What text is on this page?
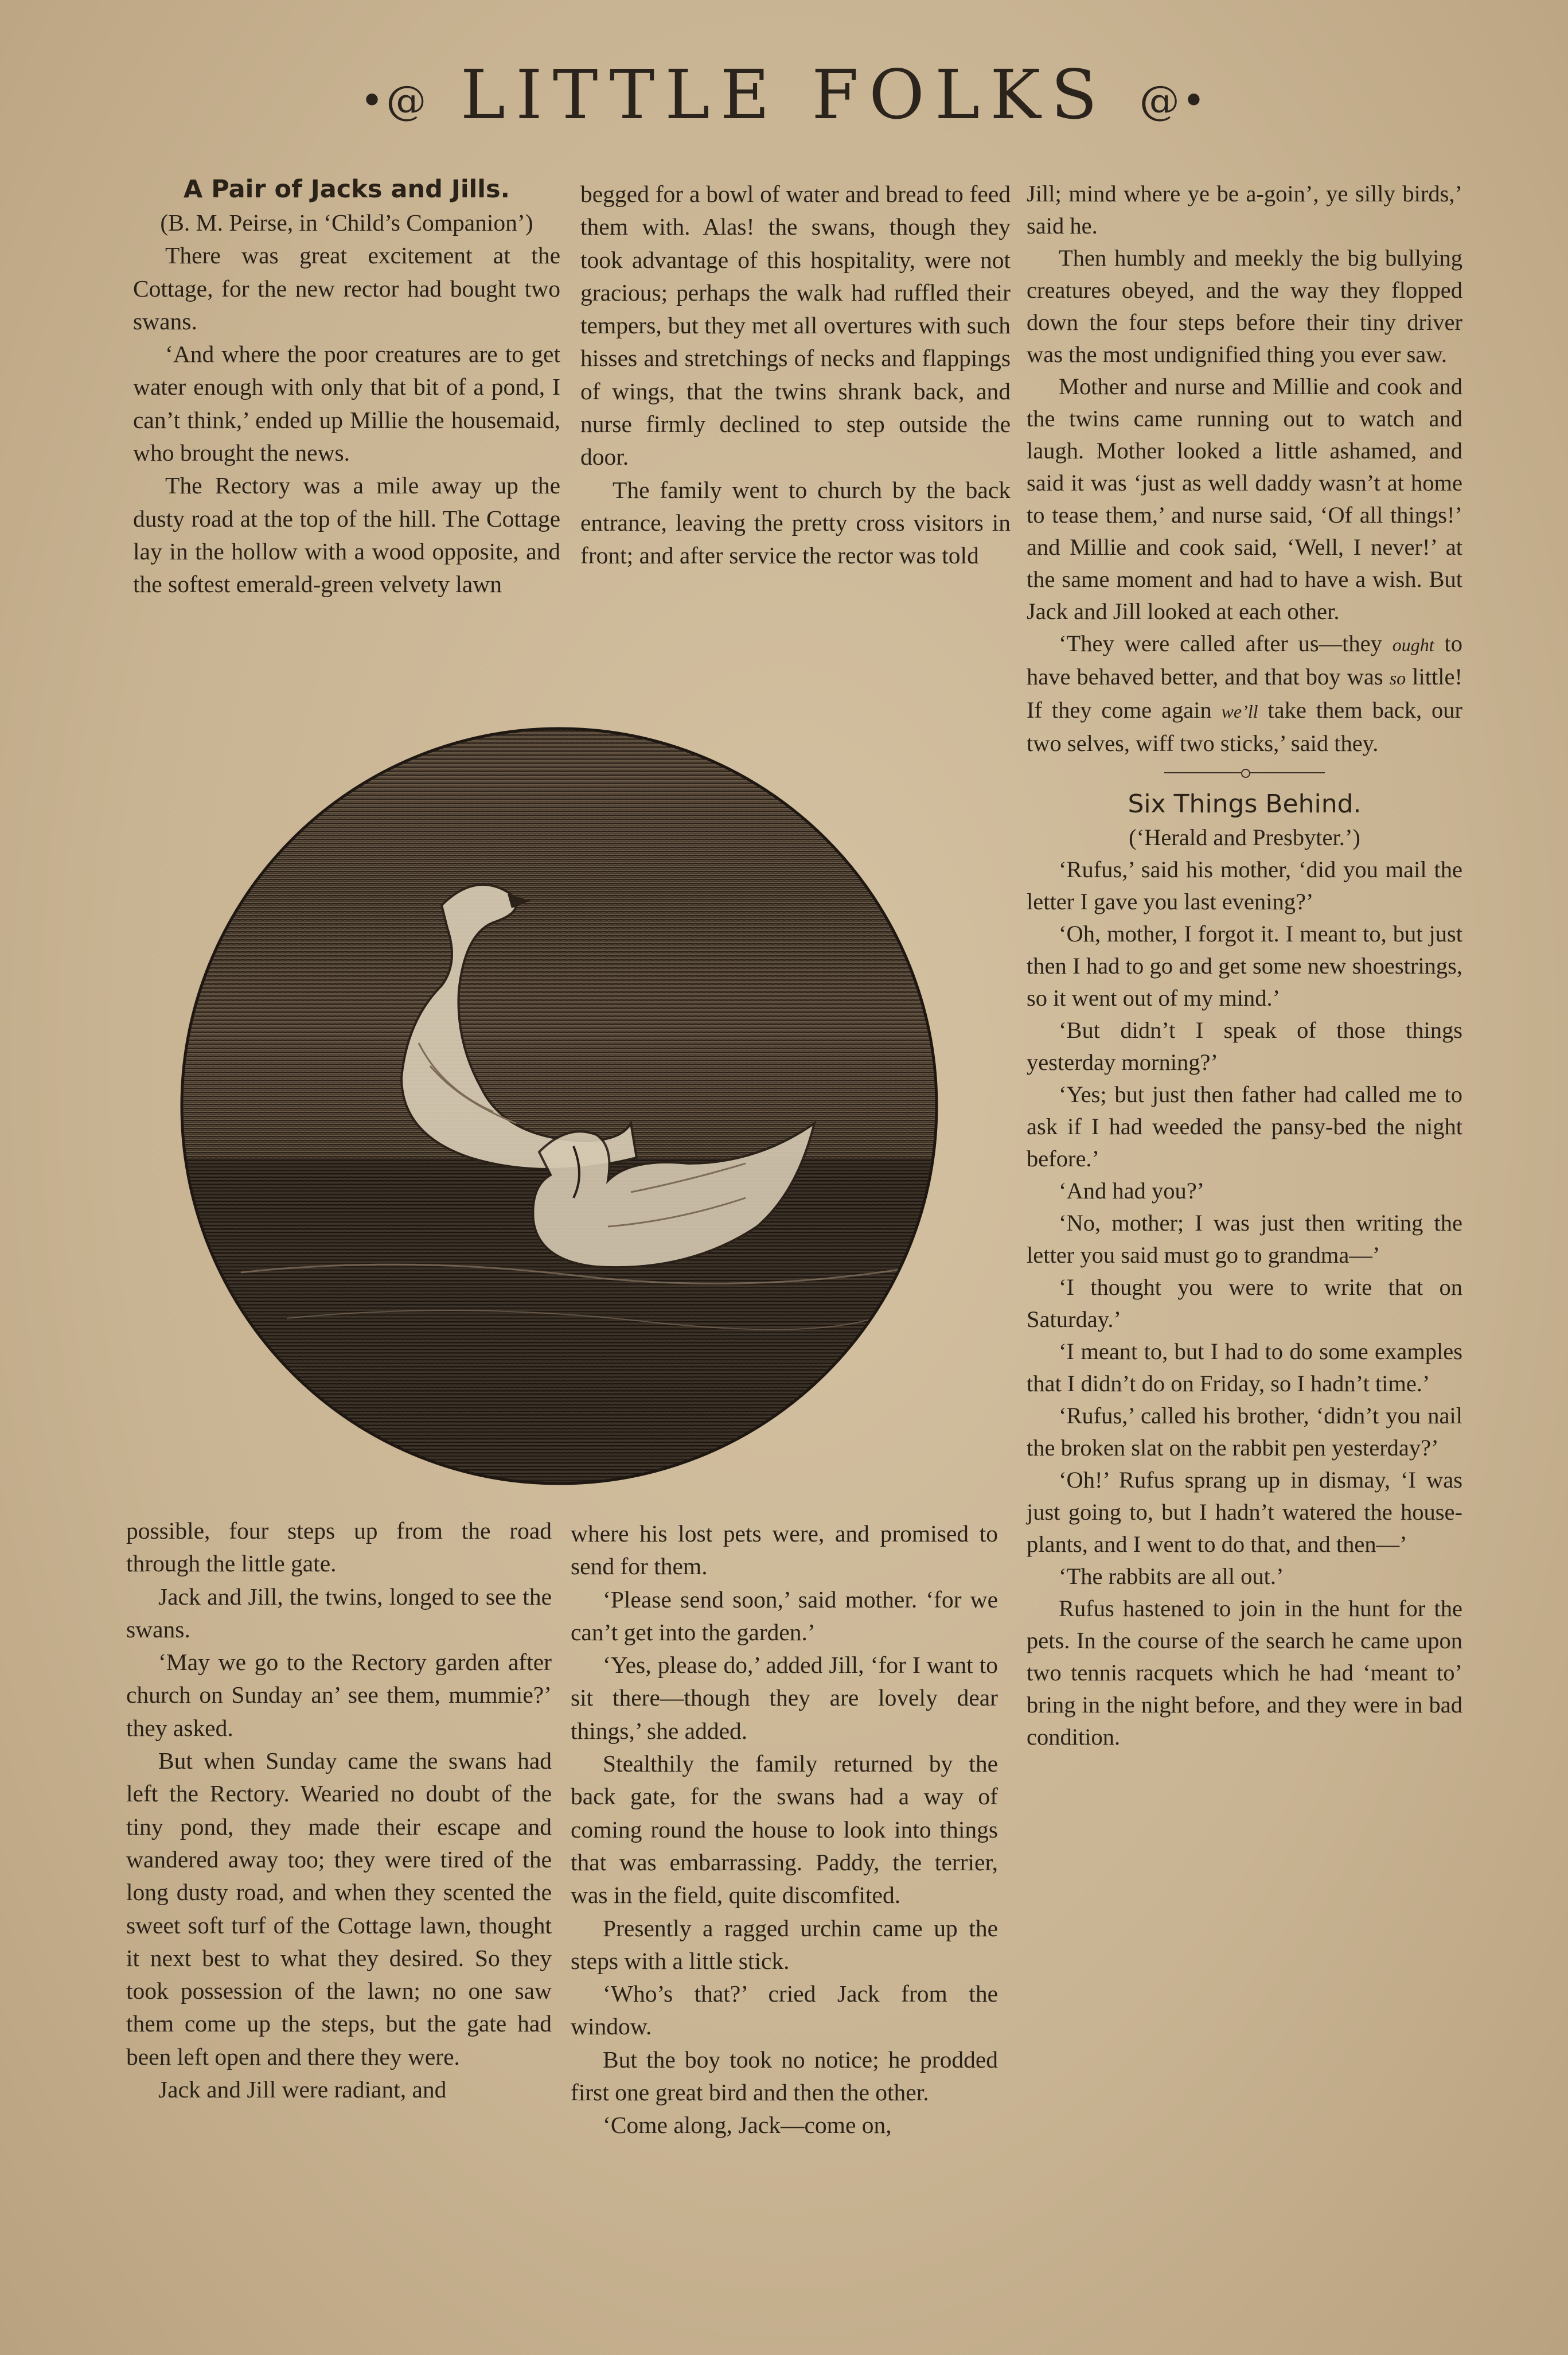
•@ LITTLE FOLKS @•
A Pair of Jacks and Jills.

(B. M. Peirse, in ‘Child’s Companion’)

There was great excitement at the Cottage, for the new rector had bought two swans.

‘And where the poor creatures are to get water enough with only that bit of a pond, I can’t think,’ ended up Millie the housemaid, who brought the news.

The Rectory was a mile away up the dusty road at the top of the hill. The Cottage lay in the hollow with a wood opposite, and the softest emerald-green velvety lawn

begged for a bowl of water and bread to feed them with. Alas! the swans, though they took advantage of this hospitality, were not gracious; perhaps the walk had ruffled their tempers, but they met all overtures with such hisses and stretchings of necks and flappings of wings, that the twins shrank back, and nurse firmly declined to step outside the door.

The family went to church by the back entrance, leaving the pretty cross visitors in front; and after service the rector was told

possible, four steps up from the road through the little gate.

Jack and Jill, the twins, longed to see the swans.

‘May we go to the Rectory garden after church on Sunday an’ see them, mummie?’ they asked.

But when Sunday came the swans had left the Rectory. Wearied no doubt of the tiny pond, they made their escape and wandered away too; they were tired of the long dusty road, and when they scented the sweet soft turf of the Cottage lawn, thought it next best to what they desired. So they took possession of the lawn; no one saw them come up the steps, but the gate had been left open and there they were.

Jack and Jill were radiant, and

where his lost pets were, and promised to send for them.

‘Please send soon,’ said mother. ‘for we can’t get into the garden.’

‘Yes, please do,’ added Jill, ‘for I want to sit there—though they are lovely dear things,’ she added.

Stealthily the family returned by the back gate, for the swans had a way of coming round the house to look into things that was embarrassing. Paddy, the terrier, was in the field, quite discomfited.

Presently a ragged urchin came up the steps with a little stick.

‘Who’s that?’ cried Jack from the window.

But the boy took no notice; he prodded first one great bird and then the other.

‘Come along, Jack—come on,

Jill; mind where ye be a-goin’, ye silly birds,’ said he.

Then humbly and meekly the big bullying creatures obeyed, and the way they flopped down the four steps before their tiny driver was the most undignified thing you ever saw.

Mother and nurse and Millie and cook and the twins came running out to watch and laugh. Mother looked a little ashamed, and said it was ‘just as well daddy wasn’t at home to tease them,’ and nurse said, ‘Of all things!’ and Millie and cook said, ‘Well, I never!’ at the same moment and had to have a wish. But Jack and Jill looked at each other.

‘They were called after us—they ought to have behaved better, and that boy was so little! If they come again we’ll take them back, our two selves, wiff two sticks,’ said they.

Six Things Behind.

(‘Herald and Presbyter.’)

‘Rufus,’ said his mother, ‘did you mail the letter I gave you last evening?’

‘Oh, mother, I forgot it. I meant to, but just then I had to go and get some new shoestrings, so it went out of my mind.’

‘But didn’t I speak of those things yesterday morning?’

‘Yes; but just then father had called me to ask if I had weeded the pansy-bed the night before.’

‘And had you?’

‘No, mother; I was just then writing the letter you said must go to grandma—’

‘I thought you were to write that on Saturday.’

‘I meant to, but I had to do some examples that I didn’t do on Friday, so I hadn’t time.’

‘Rufus,’ called his brother, ‘didn’t you nail the broken slat on the rabbit pen yesterday?’

‘Oh!’ Rufus sprang up in dismay, ‘I was just going to, but I hadn’t watered the house-plants, and I went to do that, and then—’

‘The rabbits are all out.’

Rufus hastened to join in the hunt for the pets. In the course of the search he came upon two tennis racquets which he had ‘meant to’ bring in the night before, and they were in bad condition.
